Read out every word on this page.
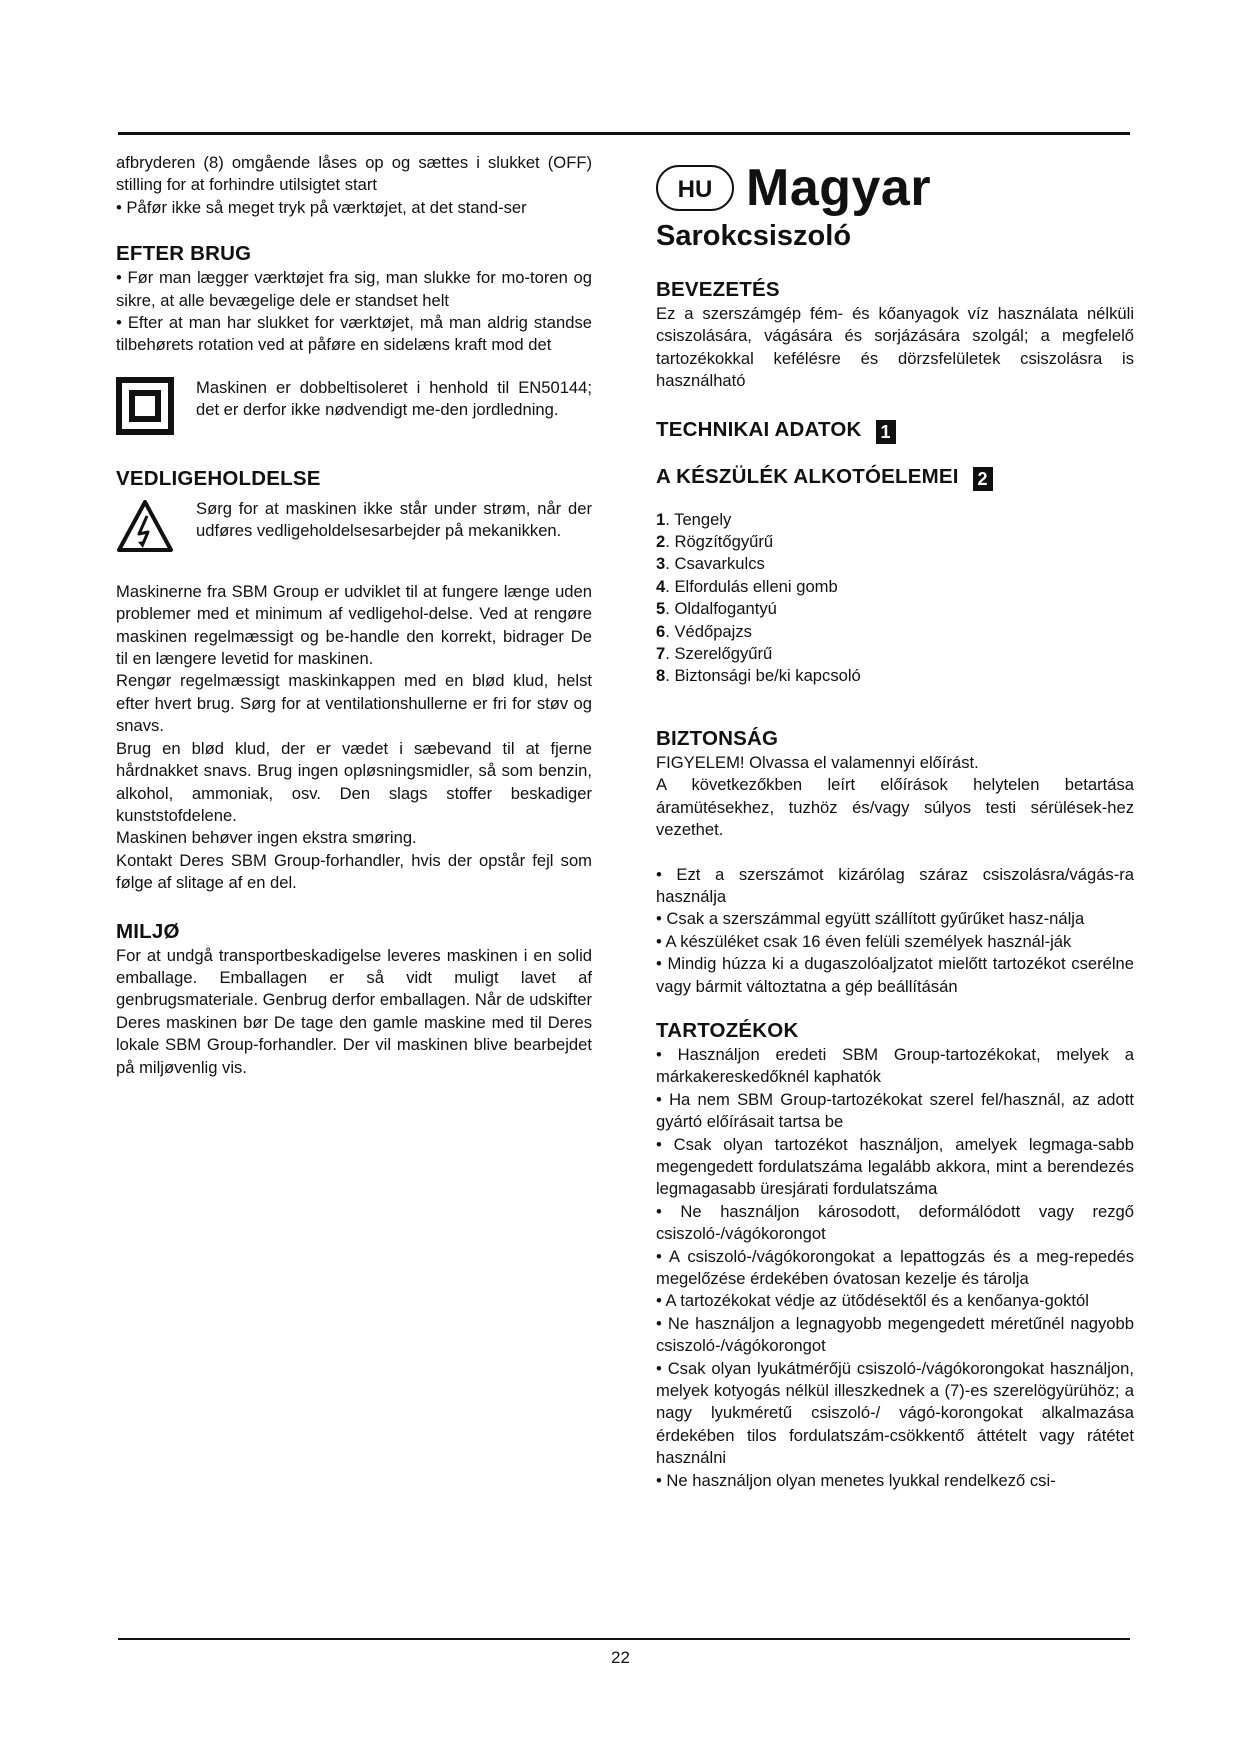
afbryderen (8) omgående låses op og sættes i slukket (OFF) stilling for at forhindre utilsigtet start

• Påfør ikke så meget tryk på værktøjet, at det stand-ser

EFTER BRUG

• Før man lægger værktøjet fra sig, man slukke for mo-toren og sikre, at alle bevægelige dele er standset helt

• Efter at man har slukket for værktøjet, må man aldrig standse tilbehørets rotation ved at påføre en sidelæns kraft mod det

Maskinen er dobbeltisoleret i henhold til EN50144; det er derfor ikke nødvendigt me-den jordledning.

VEDLIGEHOLDELSE

Sørg for at maskinen ikke står under strøm, når der udføres vedligeholdelsesarbejder på mekanikken.

Maskinerne fra SBM Group er udviklet til at fungere længe uden problemer med et minimum af vedligehol-delse. Ved at rengøre maskinen regelmæssigt og be-handle den korrekt, bidrager De til en længere levetid for maskinen.

Rengør regelmæssigt maskinkappen med en blød klud, helst efter hvert brug. Sørg for at ventilationshullerne er fri for støv og snavs.

Brug en blød klud, der er vædet i sæbevand til at fjerne hårdnakket snavs. Brug ingen opløsningsmidler, så som benzin, alkohol, ammoniak, osv. Den slags stoffer beskadiger kunststofdelene.

Maskinen behøver ingen ekstra smøring.

Kontakt Deres SBM Group-forhandler, hvis der opstår fejl som følge af slitage af en del.

MILJØ

For at undgå transportbeskadigelse leveres maskinen i en solid emballage. Emballagen er så vidt muligt lavet af genbrugsmateriale. Genbrug derfor emballagen. Når de udskifter Deres maskinen bør De tage den gamle maskine med til Deres lokale SBM Group-forhandler. Der vil maskinen blive bearbejdet på miljøvenlig vis.

HU Magyar
Sarokcsiszoló
BEVEZETÉS

Ez a szerszámgép fém- és kőanyagok víz használata nélküli csiszolására, vágására és sorjázására szolgál; a megfelelő tartozékokkal kefélésre és dörzsfelületek csiszolásra is használható

TECHNIKAI ADATOK 1
A KÉSZÜLÉK ALKOTÓELEMEI 2
1. Tengely
2. Rögzítőgyűrű
3. Csavarkulcs
4. Elfordulás elleni gomb
5. Oldalfogantyú
6. Védőpajzs
7. Szerelőgyűrű
8. Biztonsági be/ki kapcsoló
BIZTONSÁG

FIGYELEM! Olvassa el valamennyi előírást.

A következőkben leírt előírások helytelen betartása áramütésekhez, tuzhöz és/vagy súlyos testi sérülések-hez vezethet.

• Ezt a szerszámot kizárólag száraz csiszolásra/vágás-ra használja

• Csak a szerszámmal együtt szállított gyűrűket hasz-nálja

• A készüléket csak 16 éven felüli személyek használ-ják

• Mindig húzza ki a dugaszolóaljzatot mielőtt tartozékot cserélne vagy bármit változtatna a gép beállításán

TARTOZÉKOK

• Használjon eredeti SBM Group-tartozékokat, melyek a márkakereskedőknél kaphatók

• Ha nem SBM Group-tartozékokat szerel fel/használ, az adott gyártó előírásait tartsa be

• Csak olyan tartozékot használjon, amelyek legmaga-sabb megengedett fordulatszáma legalább akkora, mint a berendezés legmagasabb üresjárati fordulatszáma

• Ne használjon károsodott, deformálódott vagy rezgő csiszoló-/vágókorongot

• A csiszoló-/vágókorongokat a lepattogzás és a meg-repedés megelőzése érdekében óvatosan kezelje és tárolja

• A tartozékokat védje az ütődésektől és a kenőanya-goktól

• Ne használjon a legnagyobb megengedett méretűnél nagyobb csiszoló-/vágókorongot

• Csak olyan lyukátmérőjü csiszoló-/vágókorongokat használjon, melyek kotyogás nélkül illeszkednek a (7)-es szerelögyürühöz; a nagy lyukméretű csiszoló-/ vágó-korongokat alkalmazása érdekében tilos fordulatszám-csökkentő áttételt vagy rátétet használni

• Ne használjon olyan menetes lyukkal rendelkező csi-

22
